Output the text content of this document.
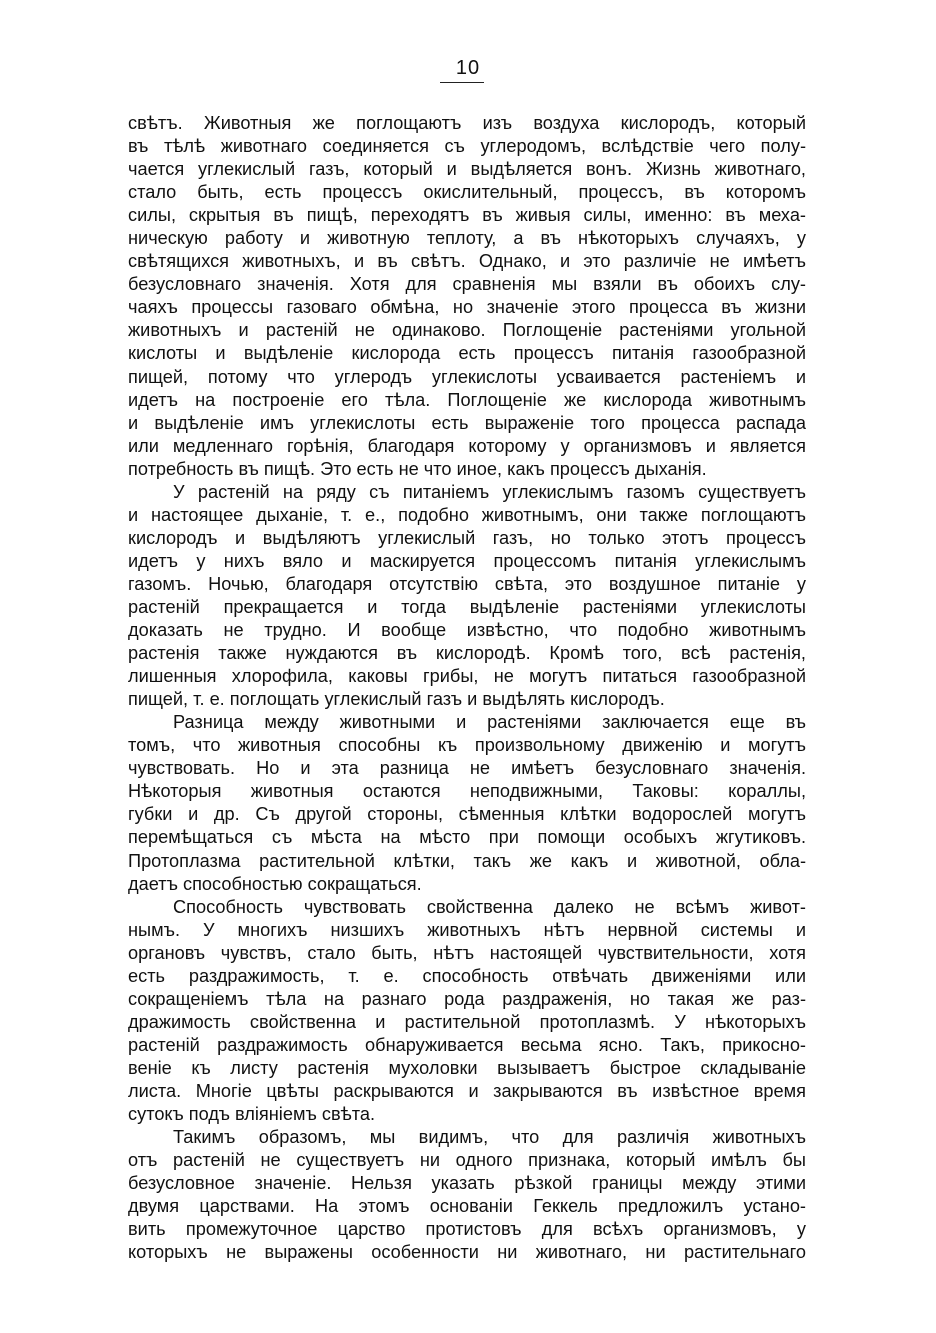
10
свѣтъ. Животныя же поглощаютъ изъ воздуха кислородъ, который
въ тѣлѣ животнаго соединяется съ углеродомъ, вслѣдствіе чего полу-
чается углекислый газъ, который и выдѣляется вонъ. Жизнь животнаго,
стало быть, есть процессъ окислительный, процессъ, въ которомъ
силы, скрытыя въ пищѣ, переходятъ въ живыя силы, именно: въ меха-
ническую работу и животную теплоту, а въ нѣкоторыхъ случаяхъ, у
свѣтящихся животныхъ, и въ свѣтъ. Однако, и это различіе не имѣетъ
безусловнаго значенія. Хотя для сравненія мы взяли въ обоихъ слу-
чаяхъ процессы газоваго обмѣна, но значеніе этого процесса въ жизни
животныхъ и растеній не одинаково. Поглощеніе растеніями угольной
кислоты и выдѣленіе кислорода есть процессъ питанія газообразной
пищей, потому что углеродъ углекислоты усваивается растеніемъ и
идетъ на построеніе его тѣла. Поглощеніе же кислорода животнымъ
и выдѣленіе имъ углекислоты есть выраженіе того процесса распада
или медленнаго горѣнія, благодаря которому у организмовъ и является
потребность въ пищѣ. Это есть не что иное, какъ процессъ дыханія.
У растеній на ряду съ питаніемъ углекислымъ газомъ существуетъ
и настоящее дыханіе, т. е., подобно животнымъ, они также поглощаютъ
кислородъ и выдѣляютъ углекислый газъ, но только этотъ процессъ
идетъ у нихъ вяло и маскируется процессомъ питанія углекислымъ
газомъ. Ночью, благодаря отсутствію свѣта, это воздушное питаніе у
растеній прекращается и тогда выдѣленіе растеніями углекислоты
доказать не трудно. И вообще извѣстно, что подобно животнымъ
растенія также нуждаются въ кислородѣ. Кромѣ того, всѣ растенія,
лишенныя хлорофила, каковы грибы, не могутъ питаться газообразной
пищей, т. е. поглощать углекислый газъ и выдѣлять кислородъ.
Разница между животными и растеніями заключается еще въ
томъ, что животныя способны къ произвольному движенію и могутъ
чувствовать. Но и эта разница не имѣетъ безусловнаго значенія.
Нѣкоторыя животныя остаются неподвижными, Таковы: кораллы,
губки и др. Съ другой стороны, сѣменныя клѣтки водорослей могутъ
перемѣщаться съ мѣста на мѣсто при помощи особыхъ жгутиковъ.
Протоплазма растительной клѣтки, такъ же какъ и животной, обла-
даетъ способностью сокращаться.
Способность чувствовать свойственна далеко не всѣмъ живот-
нымъ. У многихъ низшихъ животныхъ нѣтъ нервной системы и
органовъ чувствъ, стало быть, нѣтъ настоящей чувствительности, хотя
есть раздражимость, т. е. способность отвѣчать движеніями или
сокращеніемъ тѣла на разнаго рода раздраженія, но такая же раз-
дражимость свойственна и растительной протоплазмѣ. У нѣкоторыхъ
растеній раздражимость обнаруживается весьма ясно. Такъ, прикосно-
веніе къ листу растенія мухоловки вызываетъ быстрое складываніе
листа. Многіе цвѣты раскрываются и закрываются въ извѣстное время
сутокъ подъ вліяніемъ свѣта.
Такимъ образомъ, мы видимъ, что для различія животныхъ
отъ растеній не существуетъ ни одного признака, который имѣлъ бы
безусловное значеніе. Нельзя указать рѣзкой границы между этими
двумя царствами. На этомъ основаніи Геккель предложилъ устано-
вить промежуточное царство протистовъ для всѣхъ организмовъ, у
которыхъ не выражены особенности ни животнаго, ни растительнаго
